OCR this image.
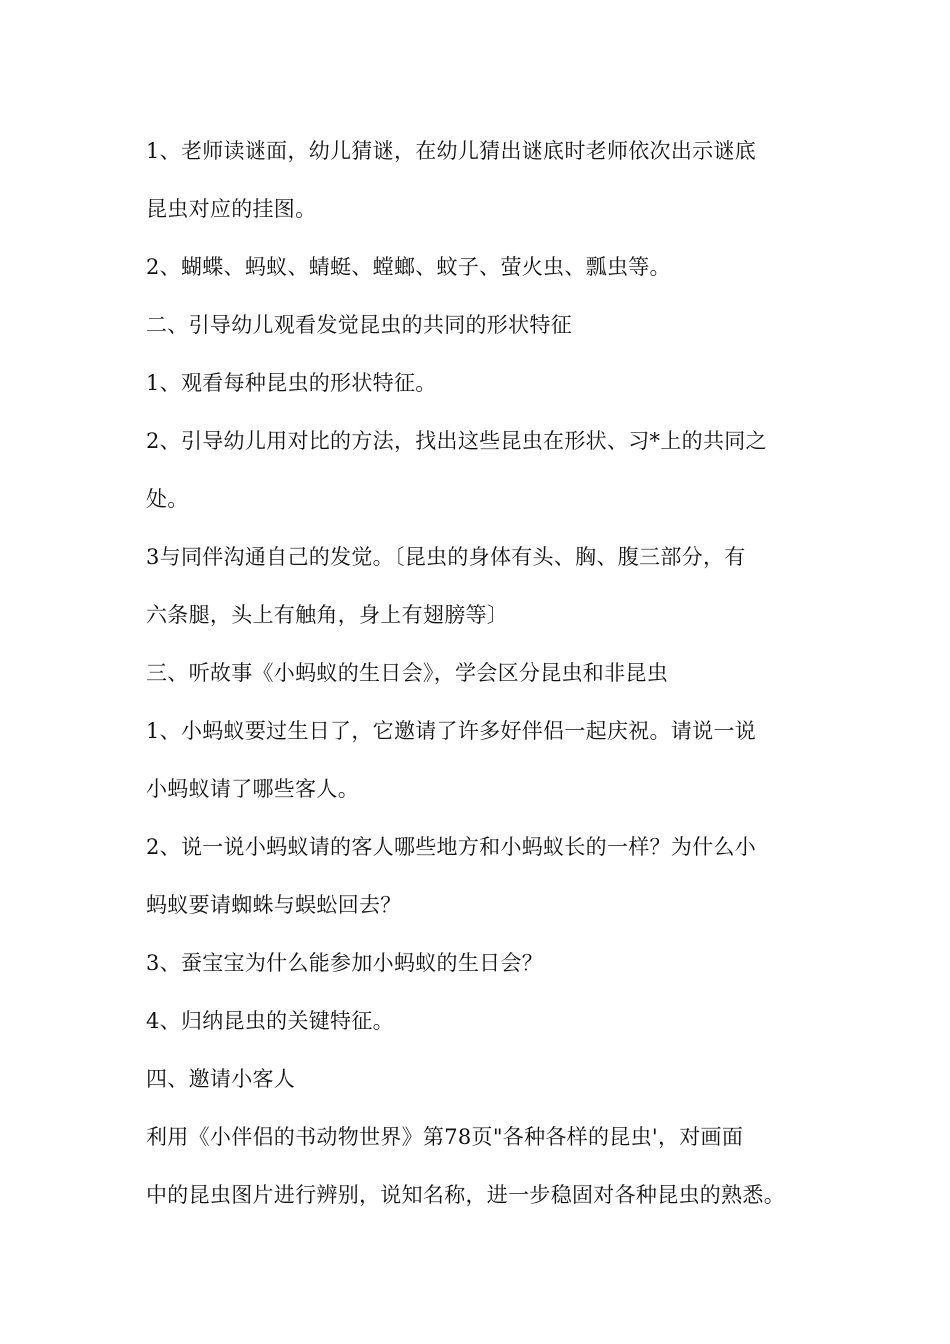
1、老师读谜面，幼儿猜谜，在幼儿猜出谜底时老师依次出示谜底
昆虫对应的挂图。
2、蝴蝶、蚂蚁、蜻蜓、螳螂、蚊子、萤火虫、瓢虫等。
二、引导幼儿观看发觉昆虫的共同的形状特征
1、观看每种昆虫的形状特征。
2、引导幼儿用对比的方法，找出这些昆虫在形状、习*上的共同之
处。
3与同伴沟通自己的发觉。〔昆虫的身体有头、胸、腹三部分，有
六条腿，头上有触角，身上有翅膀等〕
三、听故事《小蚂蚁的生日会》，学会区分昆虫和非昆虫
1、小蚂蚁要过生日了，它邀请了许多好伴侣一起庆祝。请说一说
小蚂蚁请了哪些客人。
2、说一说小蚂蚁请的客人哪些地方和小蚂蚁长的一样？为什么小
蚂蚁要请蜘蛛与蜈蚣回去？
3、蚕宝宝为什么能参加小蚂蚁的生日会？
4、归纳昆虫的关键特征。
四、邀请小客人
利用《小伴侣的书动物世界》第78页"各种各样的昆虫'，对画面
中的昆虫图片进行辨别，说知名称，进一步稳固对各种昆虫的熟悉。
